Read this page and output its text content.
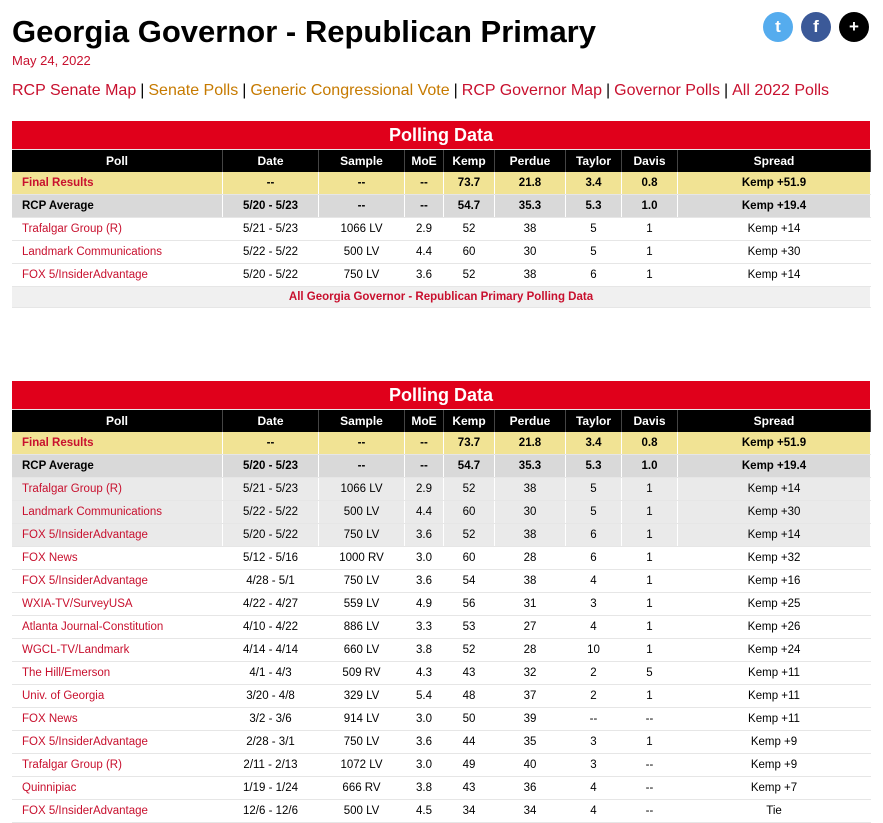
Georgia Governor - Republican Primary
May 24, 2022
t	f	+
RCP Senate Map | Senate Polls | Generic Congressional Vote | RCP Governor Map | Governor Polls | All 2022 Polls
Polling Data								
Poll	Date	Sample	MoE	Kemp	Perdue	Taylor	Davis	Spread
Final Results	--	--	--	73.7	21.8	3.4	0.8	Kemp +51.9
RCP Average	5/20 - 5/23	--	--	54.7	35.3	5.3	1.0	Kemp +19.4
Trafalgar Group (R)	5/21 - 5/23	1066 LV	2.9	52	38	5	1	Kemp +14
Landmark Communications	5/22 - 5/22	500 LV	4.4	60	30	5	1	Kemp +30
FOX 5/InsiderAdvantage	5/20 - 5/22	750 LV	3.6	52	38	6	1	Kemp +14
All Georgia Governor - Republican Primary Polling Data								
Polling Data								
Poll	Date	Sample	MoE	Kemp	Perdue	Taylor	Davis	Spread
Final Results	--	--	--	73.7	21.8	3.4	0.8	Kemp +51.9
RCP Average	5/20 - 5/23	--	--	54.7	35.3	5.3	1.0	Kemp +19.4
Trafalgar Group (R)	5/21 - 5/23	1066 LV	2.9	52	38	5	1	Kemp +14
Landmark Communications	5/22 - 5/22	500 LV	4.4	60	30	5	1	Kemp +30
FOX 5/InsiderAdvantage	5/20 - 5/22	750 LV	3.6	52	38	6	1	Kemp +14
FOX News	5/12 - 5/16	1000 RV	3.0	60	28	6	1	Kemp +32
FOX 5/InsiderAdvantage	4/28 - 5/1	750 LV	3.6	54	38	4	1	Kemp +16
WXIA-TV/SurveyUSA	4/22 - 4/27	559 LV	4.9	56	31	3	1	Kemp +25
Atlanta Journal-Constitution	4/10 - 4/22	886 LV	3.3	53	27	4	1	Kemp +26
WGCL-TV/Landmark	4/14 - 4/14	660 LV	3.8	52	28	10	1	Kemp +24
The Hill/Emerson	4/1 - 4/3	509 RV	4.3	43	32	2	5	Kemp +11
Univ. of Georgia	3/20 - 4/8	329 LV	5.4	48	37	2	1	Kemp +11
FOX News	3/2 - 3/6	914 LV	3.0	50	39	--	--	Kemp +11
FOX 5/InsiderAdvantage	2/28 - 3/1	750 LV	3.6	44	35	3	1	Kemp +9
Trafalgar Group (R)	2/11 - 2/13	1072 LV	3.0	49	40	3	--	Kemp +9
Quinnipiac	1/19 - 1/24	666 RV	3.8	43	36	4	--	Kemp +7
FOX 5/InsiderAdvantage	12/6 - 12/6	500 LV	4.5	34	34	4	--	Tie
